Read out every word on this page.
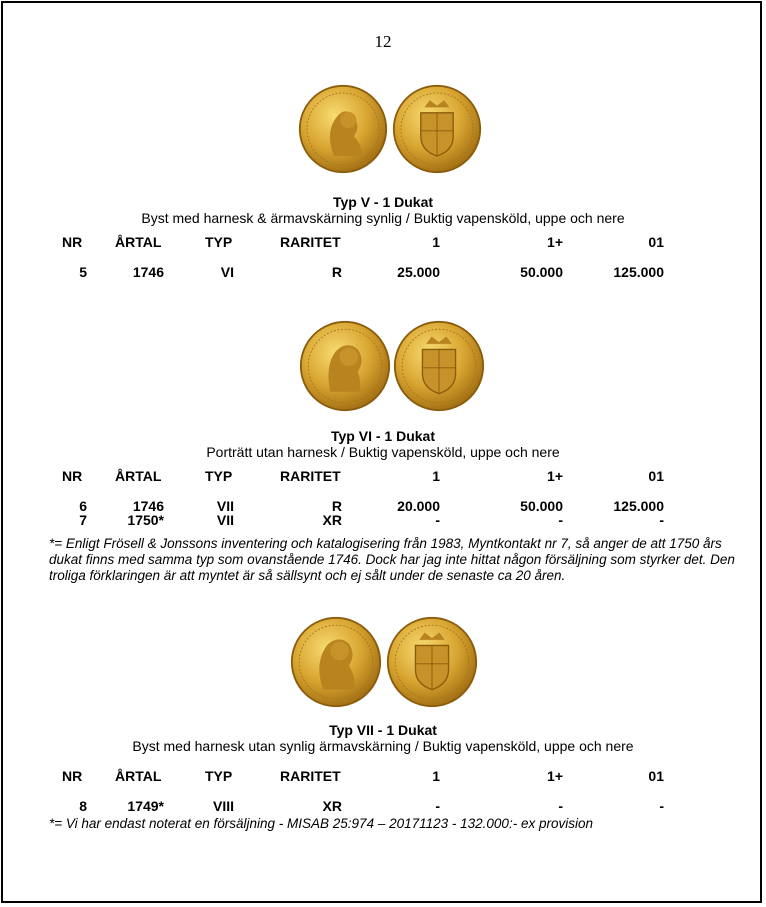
12
Typ V - 1 Dukat
Byst med harnesk & ärmavskärning synlig / Buktig vapensköld, uppe och nere
NR ÅRTAL	TYP	RARITET	1	1+	01
5	1746	VI	R	25.000	50.000	125.000
Typ VI - 1 Dukat
Porträtt utan harnesk / Buktig vapensköld, uppe och nere
NR ÅRTAL	TYP	RARITET	1	1+	01
6	1746	VII	R	20.000	50.000	125.000
7	1750*	VII	XR	-	-	-
*= Enligt Frösell & Jonssons inventering och katalogisering från 1983, Myntkontakt nr 7, så anger de att 1750 års dukat finns med samma typ som ovanstående 1746. Dock har jag inte hittat någon försäljning som styrker det. Den troliga förklaringen är att myntet är så sällsynt och ej sålt under de senaste ca 20 åren.
Typ VII - 1 Dukat
Byst med harnesk utan synlig ärmavskärning / Buktig vapensköld, uppe och nere
NR ÅRTAL	TYP	RARITET	1	1+	01
8	1749*	VIII	XR	-	-	-
*= Vi har endast noterat en försäljning - MISAB 25:974 – 20171123 - 132.000:- ex provision
